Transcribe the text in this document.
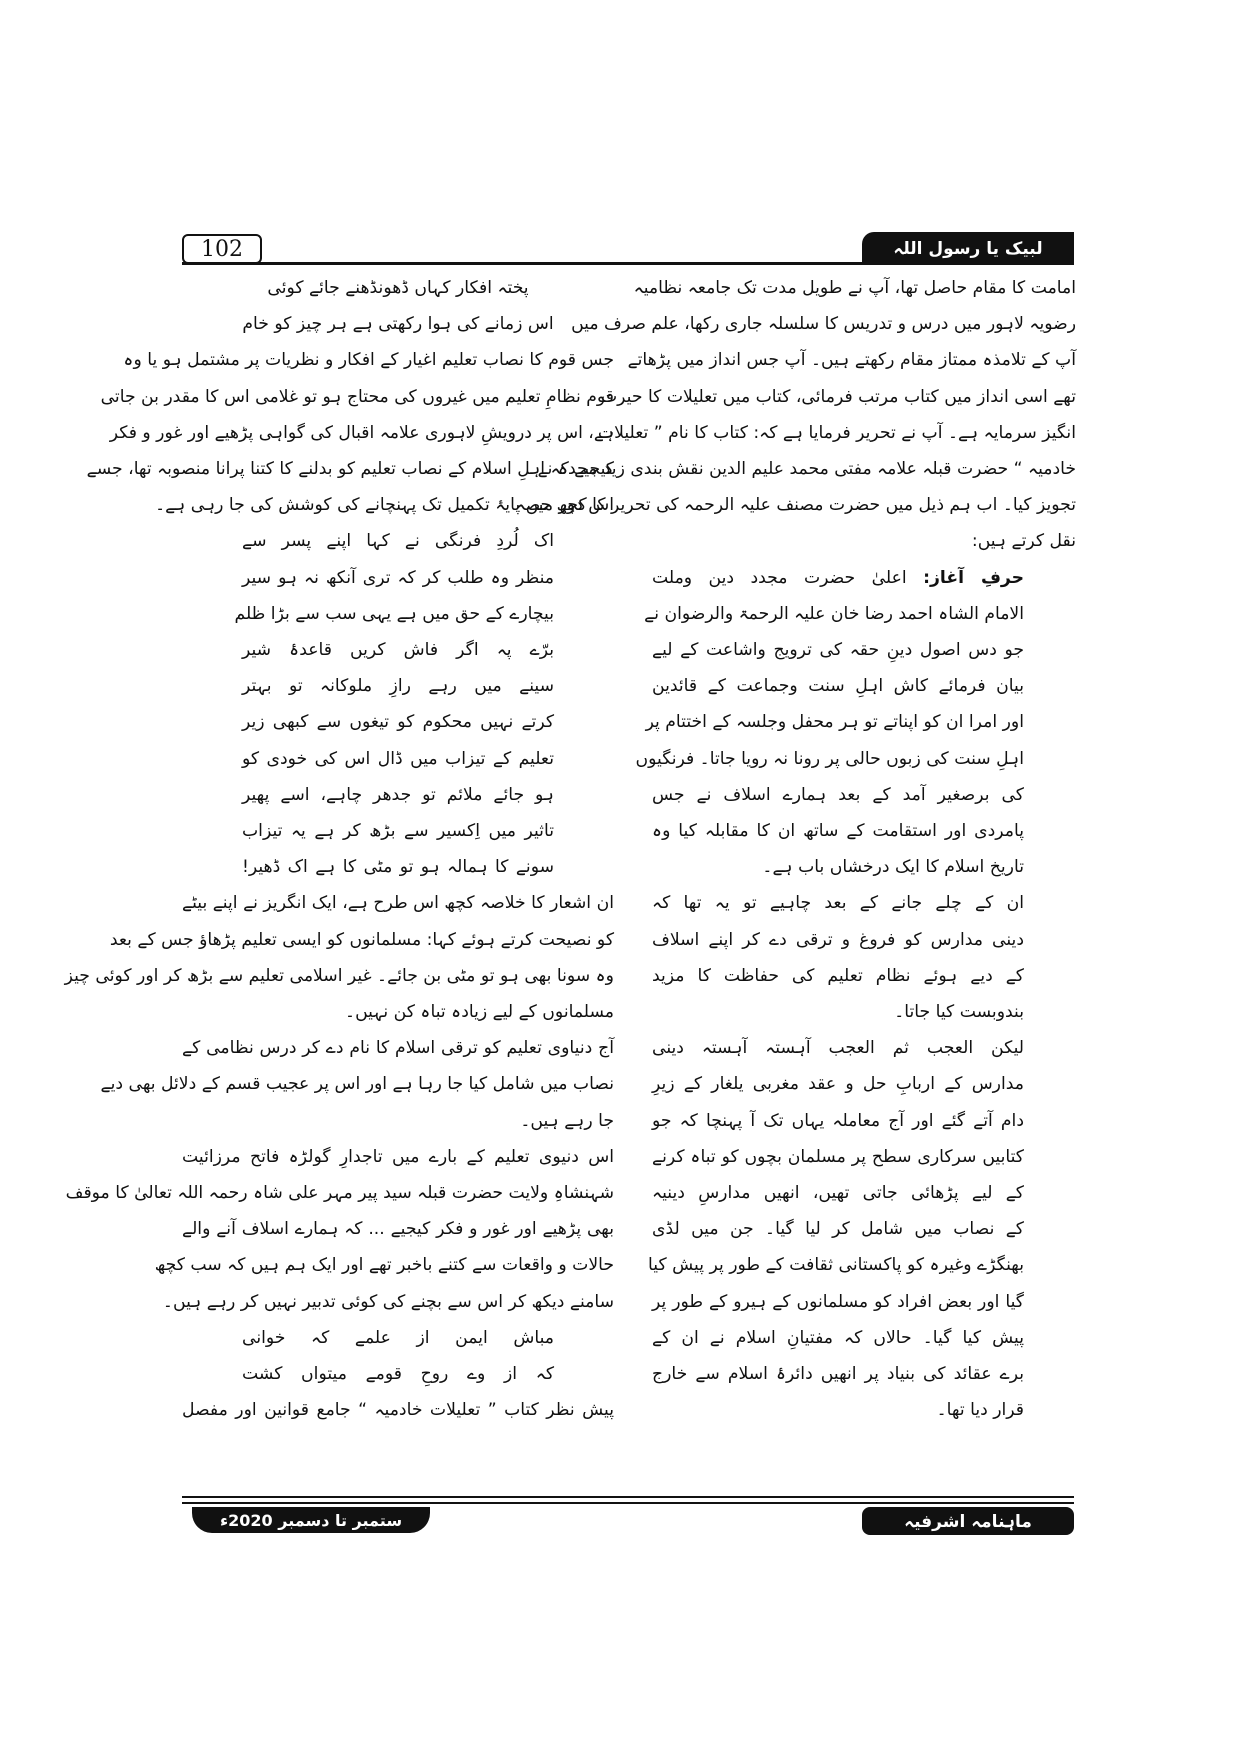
102	لبیک یا رسول اللہ
امامت کا مقام حاصل تھا، آپ نے طویل مدت تک جامعہ نظامیہ
رضویہ لاہور میں درس و تدریس کا سلسلہ جاری رکھا، علم صرف میں
آپ کے تلامذہ ممتاز مقام رکھتے ہیں۔ آپ جس انداز میں پڑھاتے
تھے اسی انداز میں کتاب مرتب فرمائی، کتاب میں تعلیلات کا حیرت
انگیز سرمایہ ہے۔ آپ نے تحریر فرمایا ہے کہ: کتاب کا نام ” تعلیلات
خادمیہ “ حضرت قبلہ علامہ مفتی محمد علیم الدین نقش بندی زید مجدہ نے
تجویز کیا۔ اب ہم ذیل میں حضرت مصنف علیہ الرحمہ کی تحریر کا کچھ حصہ
نقل کرتے ہیں:
حرفِ آغاز: اعلیٰ حضرت مجدد دین وملت
الامام الشاہ احمد رضا خان علیہ الرحمۃ والرضوان نے
جو دس اصول دینِ حقہ کی ترویج واشاعت کے لیے
بیان فرمائے کاش اہلِ سنت وجماعت کے قائدین
اور امرا ان کو اپناتے تو ہر محفل وجلسہ کے اختتام پر
اہلِ سنت کی زبوں حالی پر رونا نہ رویا جاتا۔ فرنگیوں
کی برصغیر آمد کے بعد ہمارے اسلاف نے جس
پامردی اور استقامت کے ساتھ ان کا مقابلہ کیا وہ
تاریخ اسلام کا ایک درخشاں باب ہے۔
ان کے چلے جانے کے بعد چاہیے تو یہ تھا کہ
دینی مدارس کو فروغ و ترقی دے کر اپنے اسلاف
کے دیے ہوئے نظام تعلیم کی حفاظت کا مزید
بندوبست کیا جاتا۔
لیکن العجب ثم العجب آہستہ آہستہ دینی
مدارس کے اربابِ حل و عقد مغربی یلغار کے زیرِ
دام آتے گئے اور آج معاملہ یہاں تک آ پہنچا کہ جو
کتابیں سرکاری سطح پر مسلمان بچوں کو تباہ کرنے
کے لیے پڑھائی جاتی تھیں، انھیں مدارسِ دینیہ
کے نصاب میں شامل کر لیا گیا۔ جن میں لڈی
بھنگڑے وغیرہ کو پاکستانی ثقافت کے طور پر پیش کیا
گیا اور بعض افراد کو مسلمانوں کے ہیرو کے طور پر
پیش کیا گیا۔ حالاں کہ مفتیانِ اسلام نے ان کے
برے عقائد کی بنیاد پر انھیں دائرۂ اسلام سے خارج
قرار دیا تھا۔
پختہ افکار کہاں ڈھونڈھنے جائے کوئی
اس زمانے کی ہوا رکھتی ہے ہر چیز کو خام
جس قوم کا نصاب تعلیم اغیار کے افکار و نظریات پر مشتمل ہو یا وہ
قوم نظامِ تعلیم میں غیروں کی محتاج ہو تو غلامی اس کا مقدر بن جاتی
ہے، اس پر درویشِ لاہوری علامہ اقبال کی گواہی پڑھیے اور غور و فکر
کیجیے کہ اہلِ اسلام کے نصاب تعلیم کو بدلنے کا کتنا پرانا منصوبہ تھا، جسے
اس دور میں پایۂ تکمیل تک پہنچانے کی کوشش کی جا رہی ہے۔
اک لُردِ فرنگی نے کہا اپنے پسر سے
منظر وہ طلب کر کہ تری آنکھ نہ ہو سیر
بیچارے کے حق میں ہے یہی سب سے بڑا ظلم
برّے پہ اگر فاش کریں قاعدۂ شیر
سینے میں رہے رازِ ملوکانہ تو بہتر
کرتے نہیں محکوم کو تیغوں سے کبھی زیر
تعلیم کے تیزاب میں ڈال اس کی خودی کو
ہو جائے ملائم تو جدھر چاہے، اسے پھیر
تاثیر میں اِکسیر سے بڑھ کر ہے یہ تیزاب
سونے کا ہمالہ ہو تو مٹی کا ہے اک ڈھیر!
ان اشعار کا خلاصہ کچھ اس طرح ہے، ایک انگریز نے اپنے بیٹے
کو نصیحت کرتے ہوئے کہا: مسلمانوں کو ایسی تعلیم پڑھاؤ جس کے بعد
وہ سونا بھی ہو تو مٹی بن جائے۔ غیر اسلامی تعلیم سے بڑھ کر اور کوئی چیز
مسلمانوں کے لیے زیادہ تباہ کن نہیں۔
آج دنیاوی تعلیم کو ترقی اسلام کا نام دے کر درس نظامی کے
نصاب میں شامل کیا جا رہا ہے اور اس پر عجیب قسم کے دلائل بھی دیے
جا رہے ہیں۔
اس دنیوی تعلیم کے بارے میں تاجدارِ گولڑہ فاتح مرزائیت
شہنشاہِ ولایت حضرت قبلہ سید پیر مہر علی شاہ رحمہ اللہ تعالیٰ کا موقف
بھی پڑھیے اور غور و فکر کیجیے ... کہ ہمارے اسلاف آنے والے
حالات و واقعات سے کتنے باخبر تھے اور ایک ہم ہیں کہ سب کچھ
سامنے دیکھ کر اس سے بچنے کی کوئی تدبیر نہیں کر رہے ہیں۔
مباش ایمن از علمے کہ خوانی
کہ از وے روحِ قومے میتواں کشت
پیش نظر کتاب ” تعلیلات خادمیہ “ جامع قوانین اور مفصل
ستمبر تا دسمبر 2020ء	ماہنامہ اشرفیہ
